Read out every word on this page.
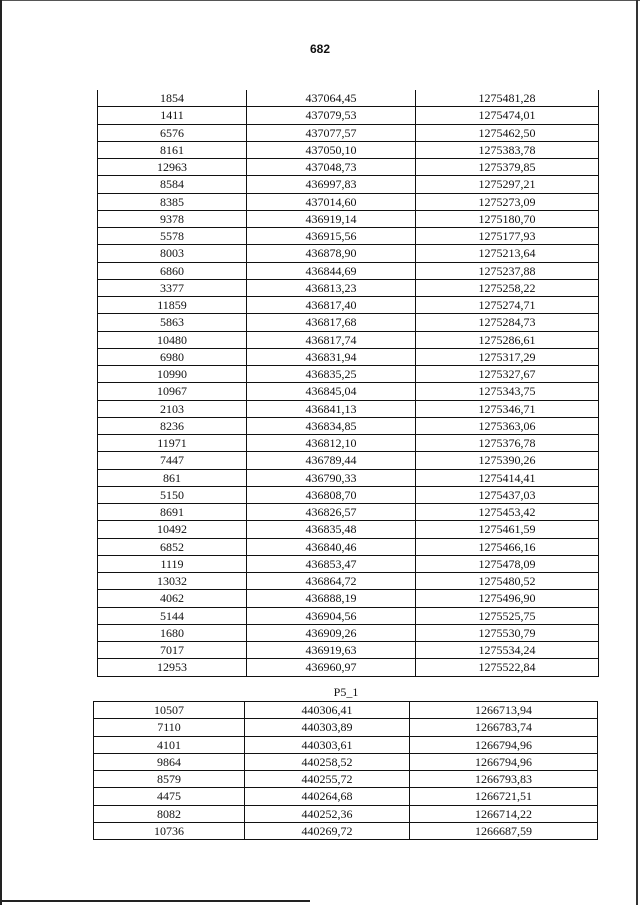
682
1854	437064,45	1275481,28
1411	437079,53	1275474,01
6576	437077,57	1275462,50
8161	437050,10	1275383,78
12963	437048,73	1275379,85
8584	436997,83	1275297,21
8385	437014,60	1275273,09
9378	436919,14	1275180,70
5578	436915,56	1275177,93
8003	436878,90	1275213,64
6860	436844,69	1275237,88
3377	436813,23	1275258,22
11859	436817,40	1275274,71
5863	436817,68	1275284,73
10480	436817,74	1275286,61
6980	436831,94	1275317,29
10990	436835,25	1275327,67
10967	436845,04	1275343,75
2103	436841,13	1275346,71
8236	436834,85	1275363,06
11971	436812,10	1275376,78
7447	436789,44	1275390,26
861	436790,33	1275414,41
5150	436808,70	1275437,03
8691	436826,57	1275453,42
10492	436835,48	1275461,59
6852	436840,46	1275466,16
1119	436853,47	1275478,09
13032	436864,72	1275480,52
4062	436888,19	1275496,90
5144	436904,56	1275525,75
1680	436909,26	1275530,79
7017	436919,63	1275534,24
12953	436960,97	1275522,84
P5_1
10507	440306,41	1266713,94
7110	440303,89	1266783,74
4101	440303,61	1266794,96
9864	440258,52	1266794,96
8579	440255,72	1266793,83
4475	440264,68	1266721,51
8082	440252,36	1266714,22
10736	440269,72	1266687,59
